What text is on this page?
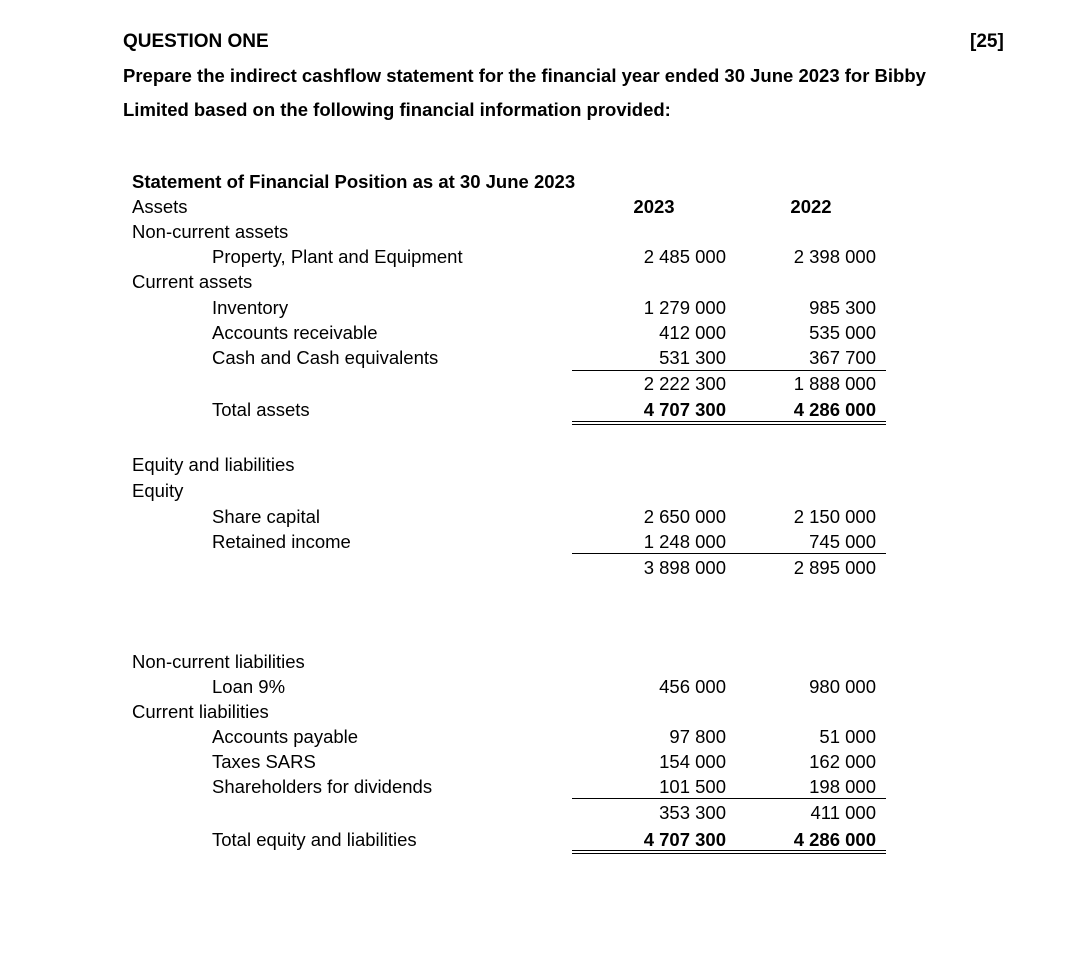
QUESTION ONE	[25]
Prepare the indirect cashflow statement for the financial year ended 30 June 2023 for Bibby
Limited based on the following financial information provided:
Statement of Financial Position as at 30 June 2023
Assets	2023	2022
Non-current assets
Property, Plant and Equipment	2 485 000	2 398 000
Current assets
Inventory	1 279 000	985 300
Accounts receivable	412 000	535 000
Cash and Cash equivalents	531 300	367 700
2 222 300	1 888 000
Total assets	4 707 300	4 286 000
Equity and liabilities
Equity
Share capital	2 650 000	2 150 000
Retained income	1 248 000	745 000
3 898 000	2 895 000
Non-current liabilities
Loan 9%	456 000	980 000
Current liabilities
Accounts payable	97 800	51 000
Taxes SARS	154 000	162 000
Shareholders for dividends	101 500	198 000
353 300	411 000
Total equity and liabilities	4 707 300	4 286 000
